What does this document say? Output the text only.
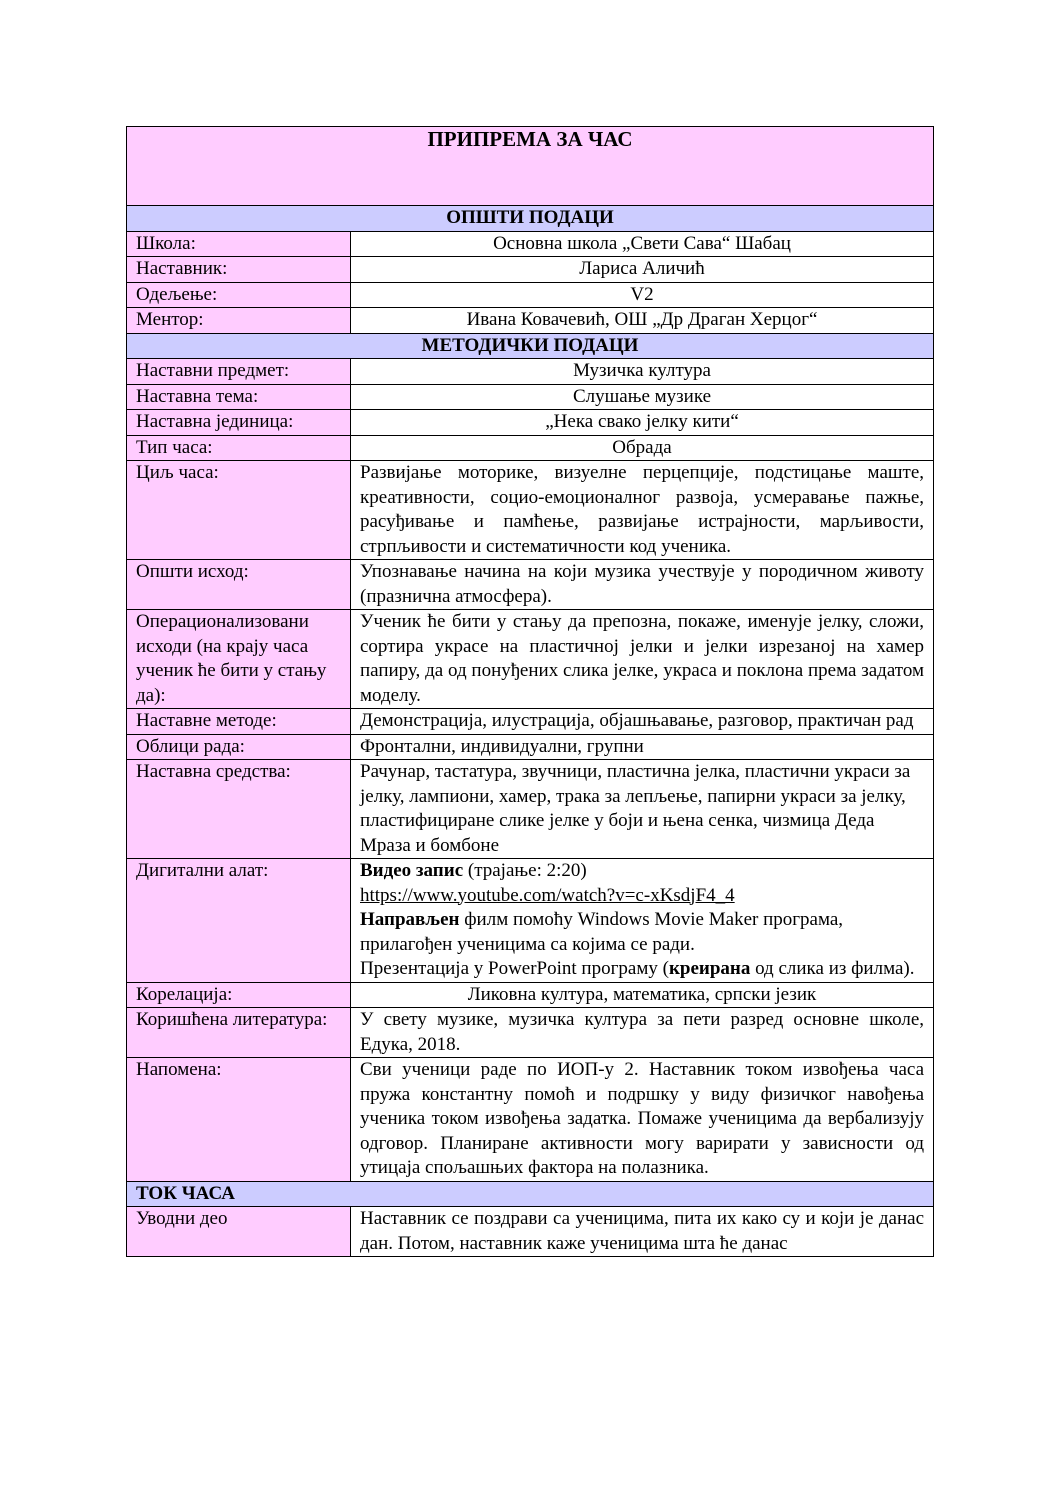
ПРИПРЕМА ЗА ЧАС	
ОПШТИ ПОДАЦИ	
Школа:	Основна школа „Свети Сава“ Шабац
Наставник:	Лариса Аличић
Одељење:	V2
Ментор:	Ивана Ковачевић, ОШ „Др Драган Херцог“
МЕТОДИЧКИ ПОДАЦИ	
Наставни предмет:	Музичка култура
Наставна тема:	Слушање музике
Наставна јединица:	„Нека свако јелку кити“
Тип часа:	Обрада
Циљ часа:	Развијање моторике, визуелне перцепције, подстицање маште, креативности, социо-емоционалног развоја, усмеравање пажње, расуђивање и памћење, развијање истрајности, марљивости, стрпљивости и систематичности код ученика.
Општи исход:	Упознавање начина на који музика учествује у породичном животу (празнична атмосфера).
Операционализовани исходи (на крају часа ученик ће бити у стању да):	Ученик ће бити у стању да препозна, покаже, именује јелку, сложи, сортира украсе на пластичној јелки и јелки изрезаној на хамер папиру, да од понуђених слика јелке, украса и поклона према задатом моделу.
Наставне методе:	Демонстрација, илустрација, објашњавање, разговор, практичан рад
Облици рада:	Фронтални, индивидуални, групни
Наставна средства:	Рачунар, тастатура, звучници, пластична јелка, пластични украси за јелку, лампиони, хамер, трака за лепљење, папирни украси за јелку, пластифициране слике јелке у боји и њена сенка, чизмица Деда Мраза и бомбоне
Дигитални алат:	Видео запис (трајање: 2:20)
https://www.youtube.com/watch?v=c-xKsdjF4_4
Направљен филм помоћу Windows Movie Maker програма, прилагођен ученицима са којима се ради.
Презентација у PowerPoint програму (креирана од слика из филма).
Корелација:	Ликовна култура, математика, српски језик
Коришћена литература:	У свету музике, музичка култура за пети разред основне школе, Едука, 2018.
Напомена:	Сви ученици раде по ИОП-у 2. Наставник током извођења часа пружа константну помоћ и подршку у виду физичког навођења ученика током извођења задатка. Помаже ученицима да вербализују одговор. Планиране активности могу варирати у зависности од утицаја спољашњих фактора на полазника.
ТОК ЧАСА	
Уводни део	Наставник се поздрави са ученицима, пита их како су и који је данас дан. Потом, наставник каже ученицима шта ће данас
